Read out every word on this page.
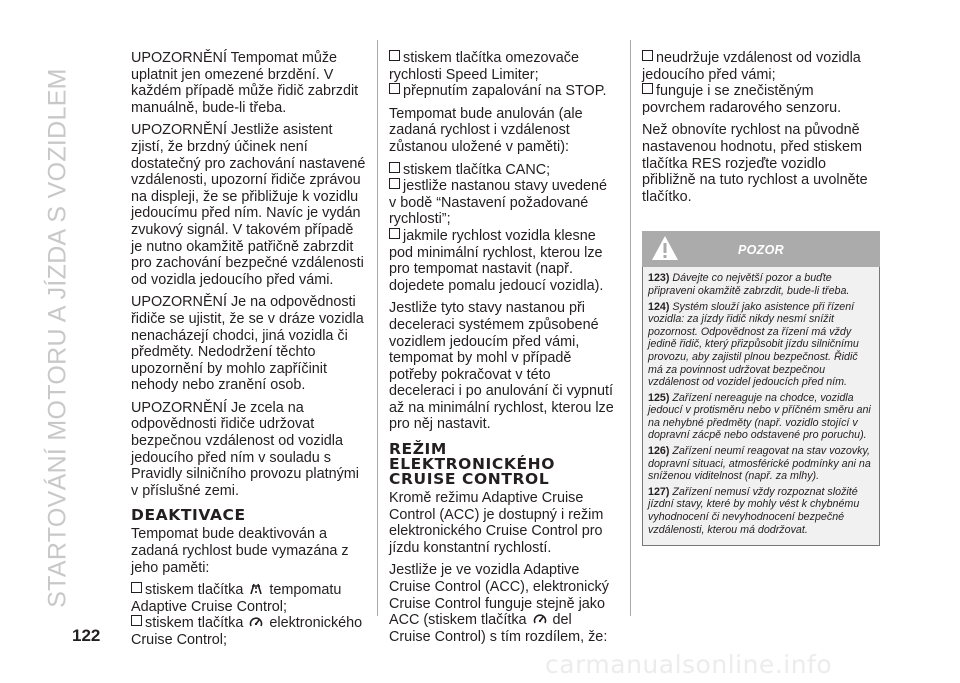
STARTOVÁNÍ MOTORU A JÍZDA S VOZIDLEM
122

UPOZORNĚNÍ Tempomat může uplatnit jen omezené brzdění. V každém případě může řidič zabrzdit manuálně, bude-li třeba.

UPOZORNĚNÍ Jestliže asistent zjistí, že brzdný účinek není dostatečný pro zachování nastavené vzdálenosti, upozorní řidiče zprávou na displeji, že se přibližuje k vozidlu jedoucímu před ním. Navíc je vydán zvukový signál. V takovém případě je nutno okamžitě patřičně zabrzdit pro zachování bezpečné vzdálenosti od vozidla jedoucího před vámi.

UPOZORNĚNÍ Je na odpovědnosti řidiče se ujistit, že se v dráze vozidla nenacházejí chodci, jiná vozidla či předměty. Nedodržení těchto upozornění by mohlo zapříčinit nehody nebo zranění osob.

UPOZORNĚNÍ Je zcela na odpovědnosti řidiče udržovat bezpečnou vzdálenost od vozidla jedoucího před ním v souladu s Pravidly silničního provozu platnými v příslušné zemi.

DEAKTIVACE

Tempomat bude deaktivován a zadaná rychlost bude vymazána z jeho paměti:

stiskem tlačítka tempomatu Adaptive Cruise Control;
stiskem tlačítka elektronického Cruise Control;
stiskem tlačítka omezovače rychlosti Speed Limiter;
přepnutím zapalování na STOP.

Tempomat bude anulován (ale zadaná rychlost i vzdálenost zůstanou uložené v paměti):

stiskem tlačítka CANC;
jestliže nastanou stavy uvedené v bodě “Nastavení požadované rychlosti”;
jakmile rychlost vozidla klesne pod minimální rychlost, kterou lze pro tempomat nastavit (např. dojedete pomalu jedoucí vozidla).

Jestliže tyto stavy nastanou při deceleraci systémem způsobené vozidlem jedoucím před vámi, tempomat by mohl v případě potřeby pokračovat v této deceleraci i po anulování či vypnutí až na minimální rychlost, kterou lze pro něj nastavit.

REŽIM
ELEKTRONICKÉHO
CRUISE CONTROL

Kromě režimu Adaptive Cruise Control (ACC) je dostupný i režim elektronického Cruise Control pro jízdu konstantní rychlostí.

Jestliže je ve vozidla Adaptive Cruise Control (ACC), elektronický Cruise Control funguje stejně jako ACC (stiskem tlačítka del Cruise Control) s tím rozdílem, že:

neudržuje vzdálenost od vozidla jedoucího před vámi;
funguje i se znečistěným povrchem radarového senzoru.

Než obnovíte rychlost na původně nastavenou hodnotu, před stiskem tlačítka RES rozjeďte vozidlo přibližně na tuto rychlost a uvolněte tlačítko.

POZOR

123) Dávejte co největší pozor a buďte připraveni okamžitě zabrzdit, bude-li třeba.

124) Systém slouží jako asistence při řízení vozidla: za jízdy řidič nikdy nesmí snížit pozornost. Odpovědnost za řízení má vždy jedině řidič, který přizpůsobit jízdu silničnímu provozu, aby zajistil plnou bezpečnost. Řidič má za povinnost udržovat bezpečnou vzdálenost od vozidel jedoucích před ním.

125) Zařízení nereaguje na chodce, vozidla jedoucí v protisměru nebo v příčném směru ani na nehybné předměty (např. vozidlo stojící v dopravní zácpě nebo odstavené pro poruchu).

126) Zařízení neumí reagovat na stav vozovky, dopravní situaci, atmosférické podmínky ani na sníženou viditelnost (např. za mlhy).

127) Zařízení nemusí vždy rozpoznat složité jízdní stavy, které by mohly vést k chybnému vyhodnocení či nevyhodnocení bezpečné vzdálenosti, kterou má dodržovat.

carmanualsonline.info
